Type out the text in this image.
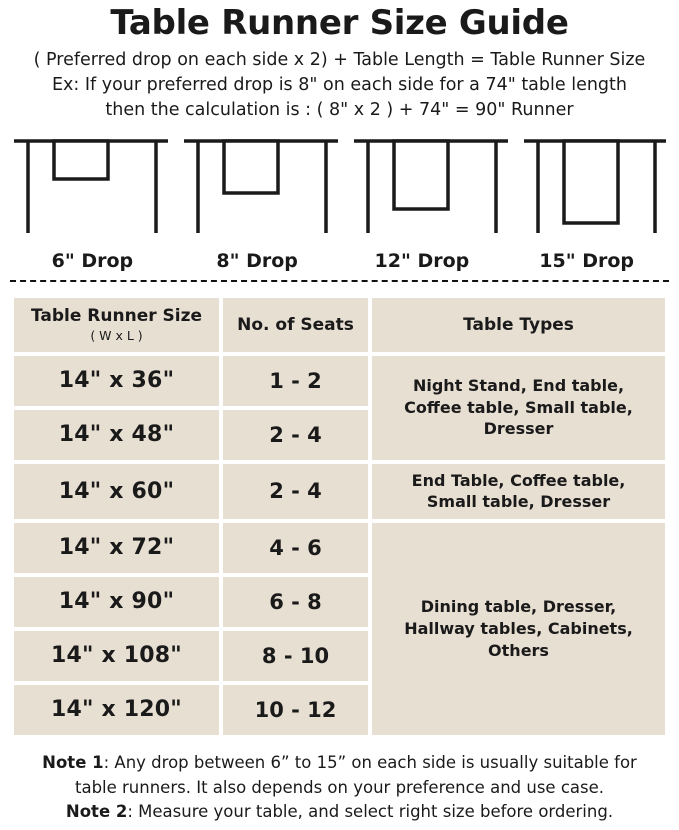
Table Runner Size Guide
( Preferred drop on each side x 2) + Table Length = Table Runner Size
Ex: If your preferred drop is 8" on each side for a 74" table length
then the calculation is : ( 8" x 2 ) + 74" = 90" Runner
6" Drop	8" Drop	12" Drop	15" Drop
Table Runner Size
( W x L )	No. of Seats	Table Types
14" x 36"	1 - 2	Night Stand, End table, Coffee table, Small table, Dresser
14" x 48"	2 - 4	
14" x 60"	2 - 4	End Table, Coffee table, Small table, Dresser
14" x 72"	4 - 6	Dining table, Dresser, Hallway tables, Cabinets, Others
14" x 90"	6 - 8	
14" x 108"	8 - 10	
14" x 120"	10 - 12	
Note 1: Any drop between 6” to 15” on each side is usually suitable for
table runners. It also depends on your preference and use case.
Note 2: Measure your table, and select right size before ordering.
